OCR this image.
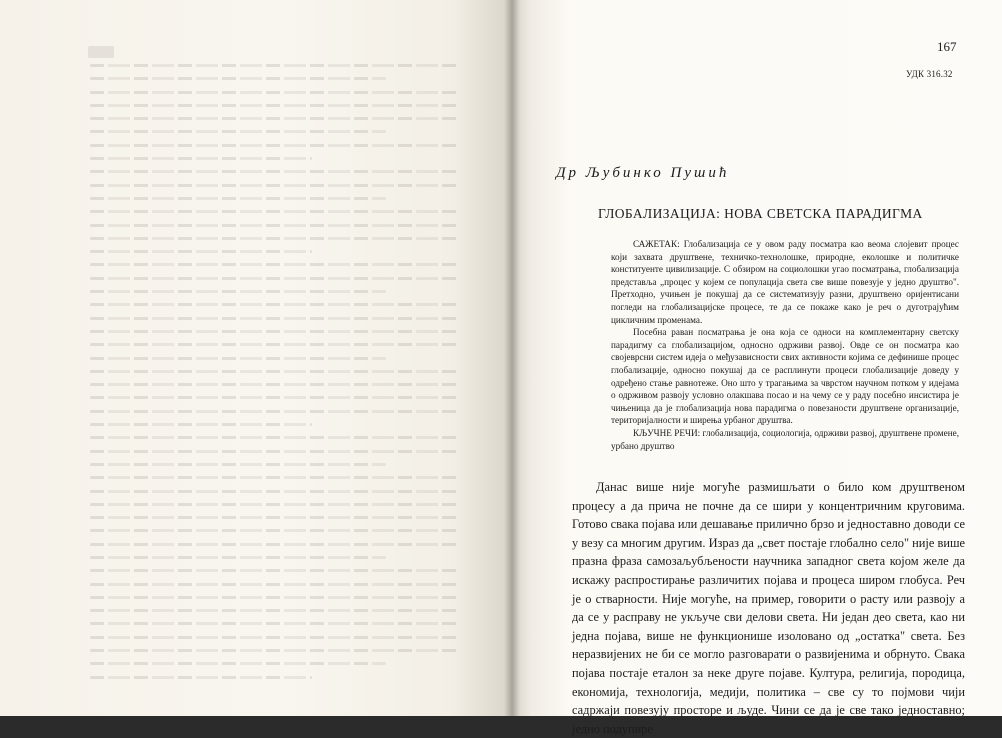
167
УДК 316.32
Др Љубинко Пушић
ГЛОБАЛИЗАЦИЈА: НОВА СВЕТСКА ПАРАДИГМА

САЖЕТАК: Глобализација се у овом раду посматра као веома слојевит процес који захвата друштвене, техничко-технолошке, природне, еколошке и политичке конституенте цивилизације. С обзиром на социолошки угао посматрања, глобализација представља „процес у којем се популација света све више повезује у једно друштво". Претходно, учињен је покушај да се систематизују разни, друштвено оријентисани погледи на глобализацијске процесе, те да се покаже како је реч о дуготрајућим цикличним променама.

Посебна раван посматрања је она која се односи на комплементарну светску парадигму са глобализацијом, односно одрживи развој. Овде се он посматра као својеврсни систем идеја о међузависности свих активности којима се дефинише процес глобализације, односно покушај да се расплинути процеси глобализације доведу у одређено стање равнотеже. Оно што у трагањима за чврстом научном потком у идејама о одрживом развоју условно олакшава посао и на чему се у раду посебно инсистира је чињеница да је глобализација нова парадигма о повезаности друштвене организације, територијалности и ширења урбаног друштва.

КЉУЧНЕ РЕЧИ: глобализација, социологија, одрживи развој, друштвене промене, урбано друштво

Данас више није могуће размишљати о било ком друштвеном процесу а да прича не почне да се шири у концентричним круговима. Готово свака појава или дешавање прилично брзо и једноставно доводи се у везу са многим другим. Израз да „свет постаје глобално село" није више празна фраза самозаљубљености научника западног света којом желе да искажу распростирање различитих појава и процеса широм глобуса. Реч је о стварности. Није могуће, на пример, говорити о расту или развоју а да се у расправу не укључе сви делови света. Ни један део света, као ни једна појава, више не функционише изоловано од „остатка" света. Без неразвијених не би се могло разговарати о развијенима и обрнуто. Свака појава постаје еталон за неке друге појаве. Култура, религија, породица, економија, технологија, медији, политика – све су то појмови чији садржаји повезују просторе и људе. Чини се да је све тако једноставно; једно подупире
